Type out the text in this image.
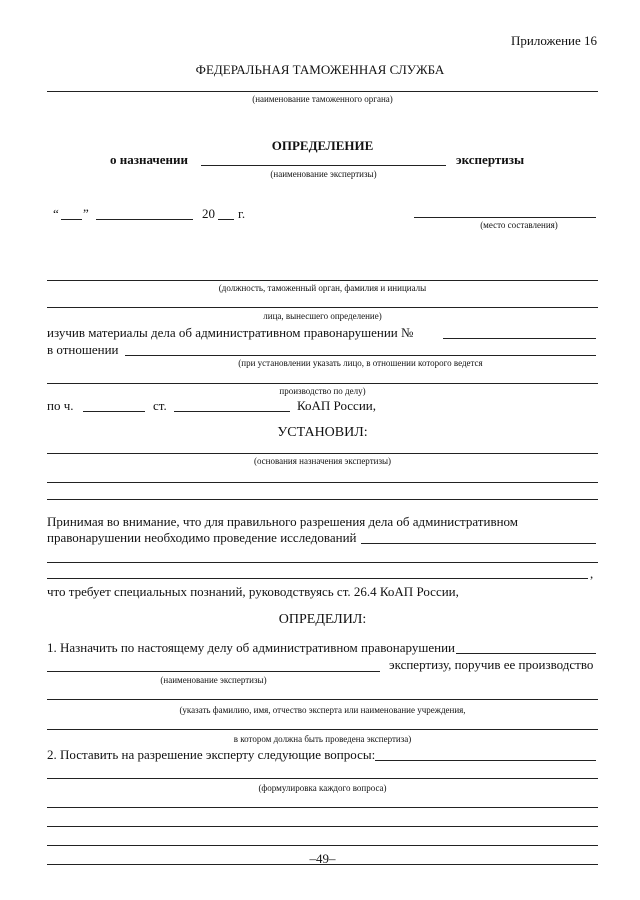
Приложение 16
ФЕДЕРАЛЬНАЯ ТАМОЖЕННАЯ СЛУЖБА
(наименование таможенного органа)
ОПРЕДЕЛЕНИЕ
о назначении	экспертизы
(наименование экспертизы)
“ ”	20 г.
(место составления)
(должность, таможенный орган, фамилия и инициалы
лица, вынесшего определение)
изучив материалы дела об административном правонарушении №
в отношении
(при установлении указать лицо, в отношении которого ведется
производство по делу)
по ч.	ст.	КоАП России,
УСТАНОВИЛ:
(основания назначения экспертизы)
Принимая во внимание, что для правильного разрешения дела об административном
правонарушении необходимо проведение исследований
,
что требует специальных познаний, руководствуясь ст. 26.4 КоАП России,
ОПРЕДЕЛИЛ:
1. Назначить по настоящему делу об административном правонарушении
экспертизу, поручив ее производство
(наименование экспертизы)
(указать фамилию, имя, отчество эксперта или наименование учреждения,
в котором должна быть проведена экспертиза)
2. Поставить на разрешение эксперту следующие вопросы:
(формулировка каждого вопроса)
–49–
